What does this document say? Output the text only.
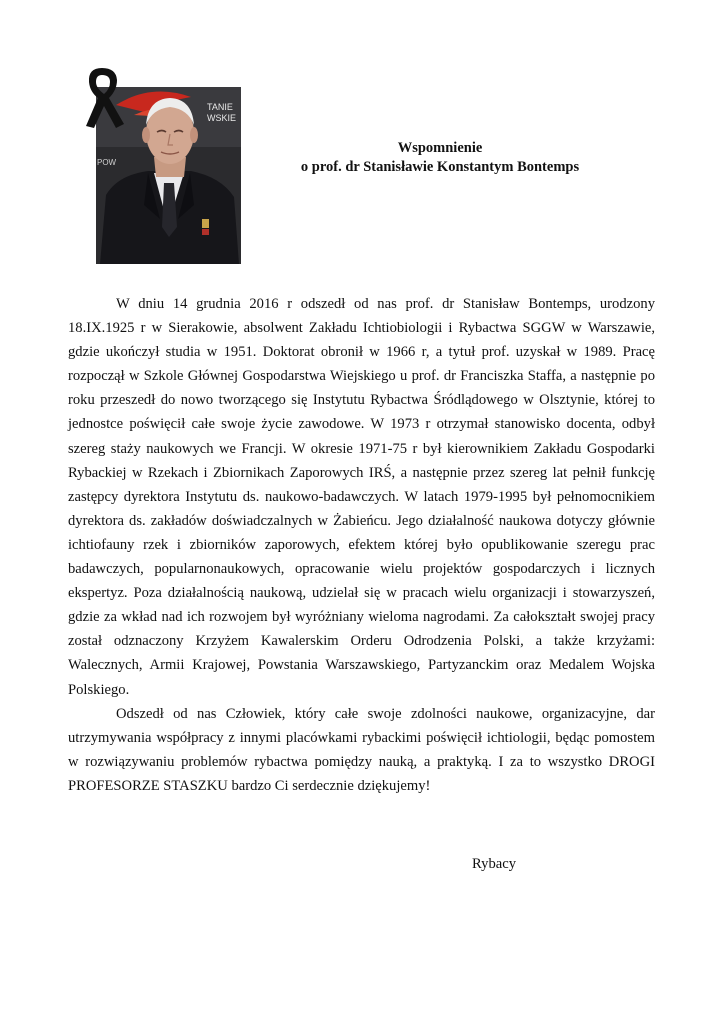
TANIE
WSKIE
POW
Wspomnienie
o prof. dr Stanisławie Konstantym Bontemps

W dniu 14 grudnia 2016 r odszedł od nas prof. dr Stanisław Bontemps, urodzony 18.IX.1925 r w Sierakowie, absolwent Zakładu Ichtiobiologii i Rybactwa SGGW w Warszawie, gdzie ukończył studia w 1951. Doktorat obronił w 1966 r, a tytuł prof. uzyskał w 1989. Pracę rozpoczął w Szkole Głównej Gospodarstwa Wiejskiego u prof. dr Franciszka Staffa, a następnie po roku przeszedł do nowo tworzącego się Instytutu Rybactwa Śródlądowego w Olsztynie, której to jednostce poświęcił całe swoje życie zawodowe. W 1973 r otrzymał stanowisko docenta, odbył szereg staży naukowych we Francji. W okresie 1971-75 r był kierownikiem Zakładu Gospodarki Rybackiej w Rzekach i Zbiornikach Zaporowych IRŚ, a następnie przez szereg lat pełnił funkcję zastępcy dyrektora Instytutu ds. naukowo-badawczych. W latach 1979-1995 był pełnomocnikiem dyrektora ds. zakładów doświadczalnych w Żabieńcu. Jego działalność naukowa dotyczy głównie ichtiofauny rzek i zbiorników zaporowych, efektem której było opublikowanie szeregu prac badawczych, popularnonaukowych, opracowanie wielu projektów gospodarczych i licznych ekspertyz. Poza działalnością naukową, udzielał się w pracach wielu organizacji i stowarzyszeń, gdzie za wkład nad ich rozwojem był wyróżniany wieloma nagrodami. Za całokształt swojej pracy został odznaczony Krzyżem Kawalerskim Orderu Odrodzenia Polski, a także krzyżami: Walecznych, Armii Krajowej, Powstania Warszawskiego, Partyzanckim oraz Medalem Wojska Polskiego.

Odszedł od nas Człowiek, który całe swoje zdolności naukowe, organizacyjne, dar utrzymywania współpracy z innymi placówkami rybackimi poświęcił ichtiologii, będąc pomostem w rozwiązywaniu problemów rybactwa pomiędzy nauką, a praktyką. I za to wszystko DROGI PROFESORZE STASZKU bardzo Ci serdecznie dziękujemy!

Rybacy
